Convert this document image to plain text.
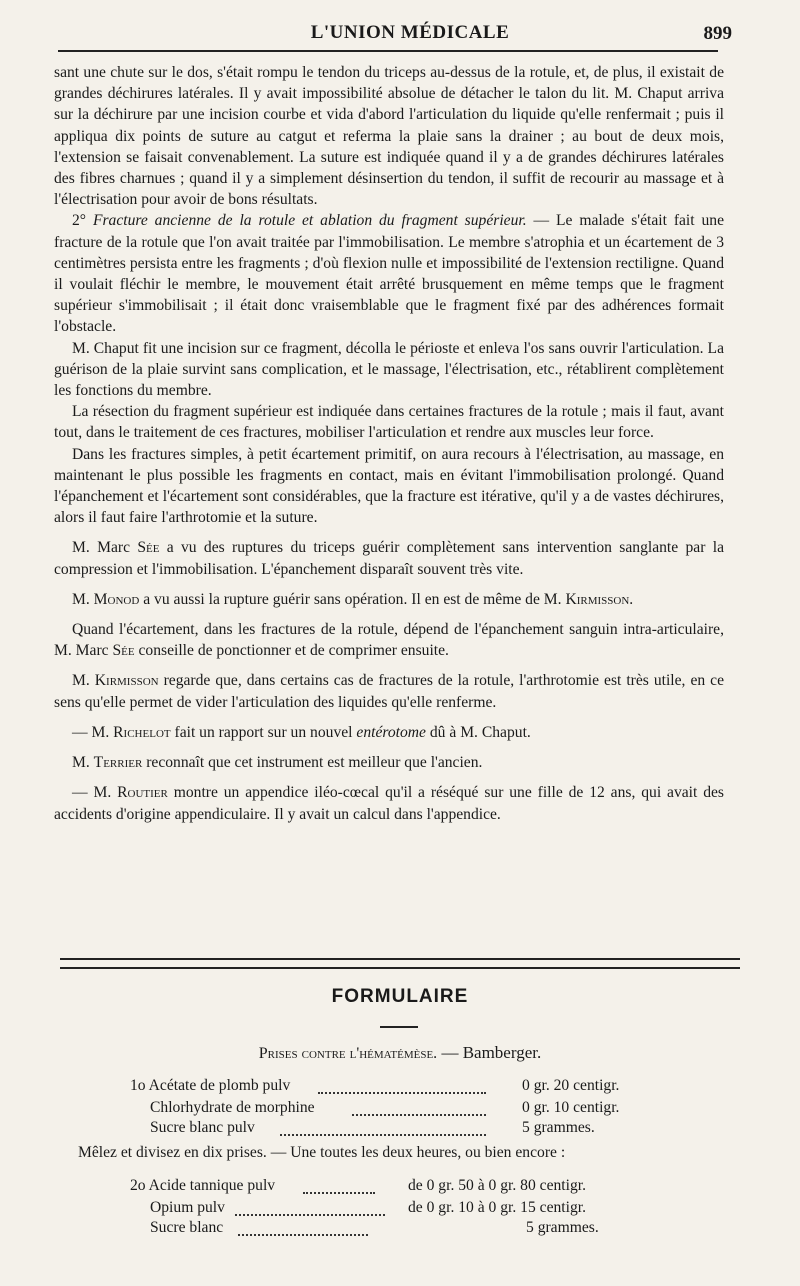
L'UNION MÉDICALE	899

sant une chute sur le dos, s'était rompu le tendon du triceps au-dessus de la rotule, et, de plus, il existait de grandes déchirures latérales. Il y avait impossibilité absolue de détacher le talon du lit. M. Chaput arriva sur la déchirure par une incision courbe et vida d'abord l'articulation du liquide qu'elle renfermait ; puis il appliqua dix points de suture au catgut et referma la plaie sans la drainer ; au bout de deux mois, l'extension se faisait convenablement. La suture est indiquée quand il y a de grandes déchirures latérales des fibres charnues ; quand il y a simplement désinsertion du tendon, il suffit de recourir au massage et à l'électrisation pour avoir de bons résultats.

2° Fracture ancienne de la rotule et ablation du fragment supérieur. — Le malade s'était fait une fracture de la rotule que l'on avait traitée par l'immobilisation. Le membre s'atrophia et un écartement de 3 centimètres persista entre les fragments ; d'où flexion nulle et impossibilité de l'extension rectiligne. Quand il voulait fléchir le membre, le mouvement était arrêté brusquement en même temps que le fragment supérieur s'immobilisait ; il était donc vraisemblable que le fragment fixé par des adhérences formait l'obstacle.

M. Chaput fit une incision sur ce fragment, décolla le périoste et enleva l'os sans ouvrir l'articulation. La guérison de la plaie survint sans complication, et le massage, l'électrisation, etc., rétablirent complètement les fonctions du membre.

La résection du fragment supérieur est indiquée dans certaines fractures de la rotule ; mais il faut, avant tout, dans le traitement de ces fractures, mobiliser l'articulation et rendre aux muscles leur force.

Dans les fractures simples, à petit écartement primitif, on aura recours à l'électrisation, au massage, en maintenant le plus possible les fragments en contact, mais en évitant l'immobilisation prolongé. Quand l'épanchement et l'écartement sont considérables, que la fracture est itérative, qu'il y a de vastes déchirures, alors il faut faire l'arthrotomie et la suture.

M. Marc Sée a vu des ruptures du triceps guérir complètement sans intervention sanglante par la compression et l'immobilisation. L'épanchement disparaît souvent très vite.

M. Monod a vu aussi la rupture guérir sans opération. Il en est de même de M. Kirmisson.

Quand l'écartement, dans les fractures de la rotule, dépend de l'épanchement sanguin intra-articulaire, M. Marc Sée conseille de ponctionner et de comprimer ensuite.

M. Kirmisson regarde que, dans certains cas de fractures de la rotule, l'arthrotomie est très utile, en ce sens qu'elle permet de vider l'articulation des liquides qu'elle renferme.

— M. Richelot fait un rapport sur un nouvel entérotome dû à M. Chaput.

M. Terrier reconnaît que cet instrument est meilleur que l'ancien.

— M. Routier montre un appendice iléo-cœcal qu'il a réséqué sur une fille de 12 ans, qui avait des accidents d'origine appendiculaire. Il y avait un calcul dans l'appendice.

FORMULAIRE
Prises contre l'hématémèse. — Bamberger.
1o Acétate de plomb pulv	0 gr. 20 centigr.
Chlorhydrate de morphine	0 gr. 10 centigr.
Sucre blanc pulv	5 grammes.
Mêlez et divisez en dix prises. — Une toutes les deux heures, ou bien encore :
2o Acide tannique pulv	de 0 gr. 50 à 0 gr. 80 centigr.
Opium pulv	de 0 gr. 10 à 0 gr. 15 centigr.
Sucre blanc	5 grammes.
